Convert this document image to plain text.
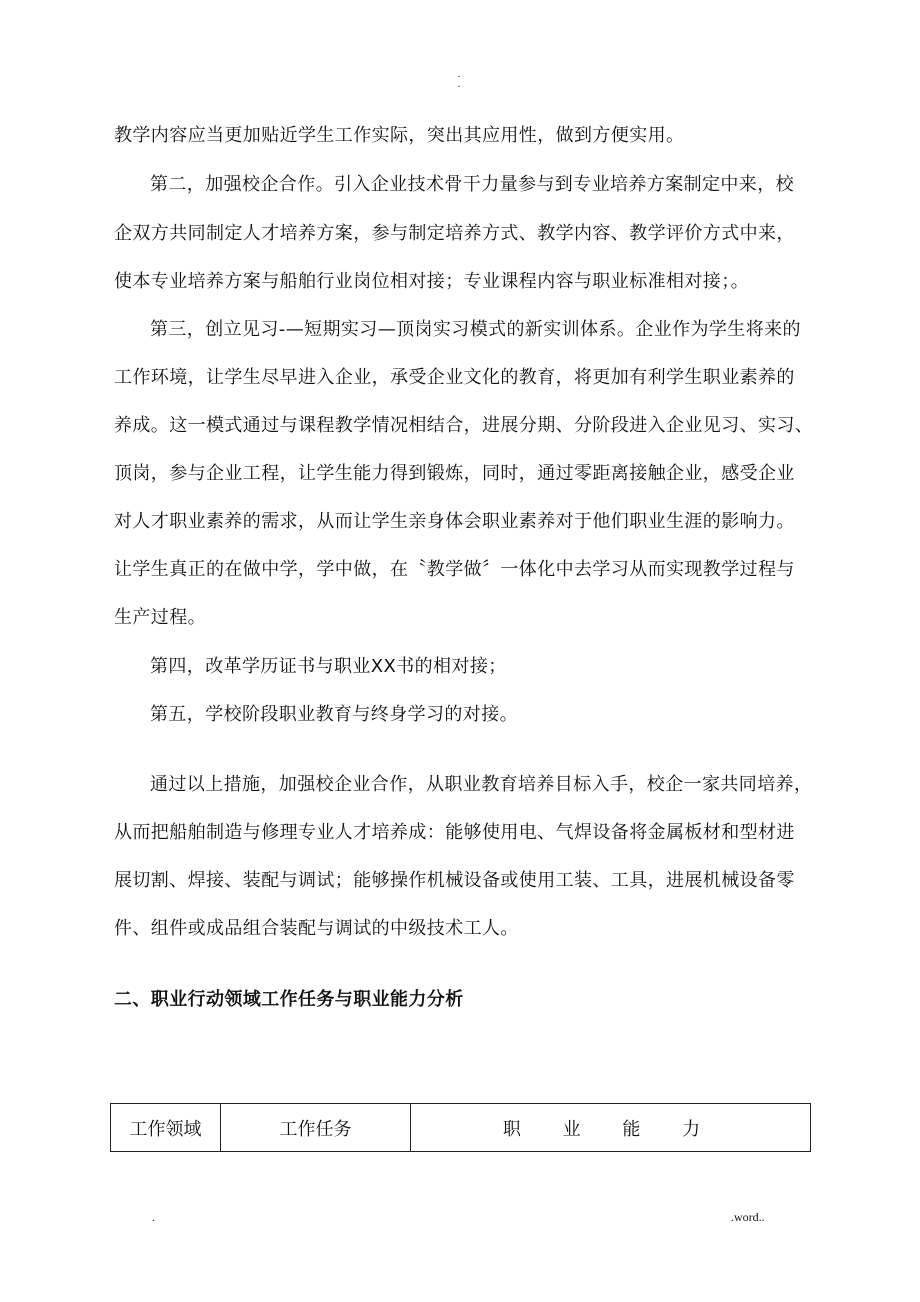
.
.

教学内容应当更加贴近学生工作实际，突出其应用性，做到方便实用。

第二，加强校企合作。引入企业技术骨干力量参与到专业培养方案制定中来，校

企双方共同制定人才培养方案，参与制定培养方式、教学内容、教学评价方式中来，

使本专业培养方案与船舶行业岗位相对接；专业课程内容与职业标准相对接；。

第三，创立见习-—短期实习—顶岗实习模式的新实训体系。企业作为学生将来的

工作环境，让学生尽早进入企业，承受企业文化的教育，将更加有利学生职业素养的

养成。这一模式通过与课程教学情况相结合，进展分期、分阶段进入企业见习、实习、

顶岗，参与企业工程，让学生能力得到锻炼，同时，通过零距离接触企业，感受企业

对人才职业素养的需求，从而让学生亲身体会职业素养对于他们职业生涯的影响力。

让学生真正的在做中学，学中做，在〝教学做〞一体化中去学习从而实现教学过程与

生产过程。

第四，改革学历证书与职业XX书的相对接；

第五，学校阶段职业教育与终身学习的对接。

通过以上措施，加强校企业合作，从职业教育培养目标入手，校企一家共同培养，

从而把船舶制造与修理专业人才培养成：能够使用电、气焊设备将金属板材和型材进

展切割、焊接、装配与调试；能够操作机械设备或使用工装、工具，进展机械设备零

件、组件或成品组合装配与调试的中级技术工人。

二、职业行动领域工作任务与职业能力分析
工作领域	工作任务	职 业 能 力
.	.word..
